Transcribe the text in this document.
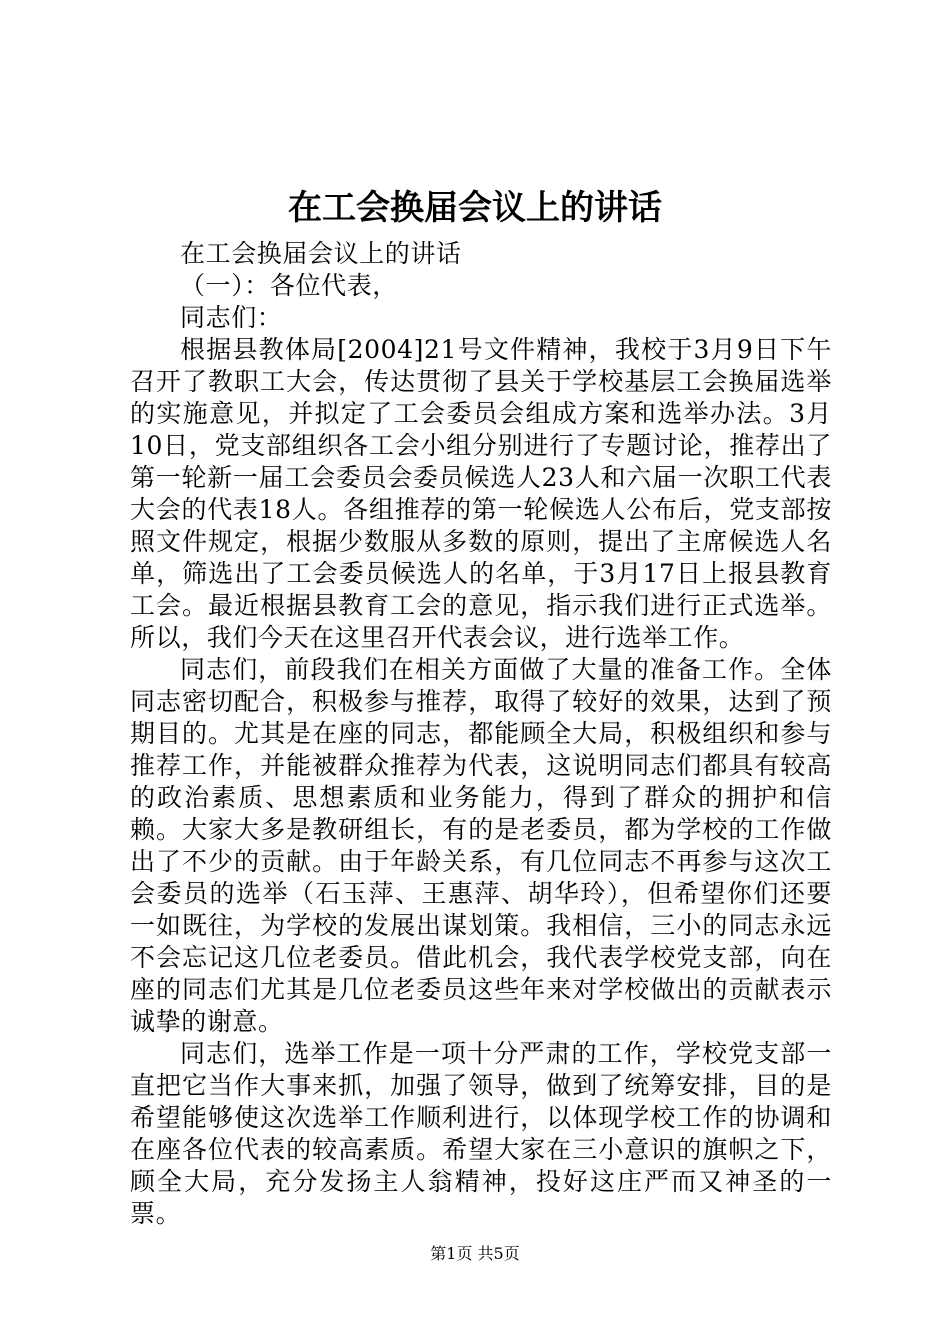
在工会换届会议上的讲话

在工会换届会议上的讲话

（一）：各位代表，

同志们：

根据县教体局[2004]21号文件精神，我校于3月9日下午召开了教职工大会，传达贯彻了县关于学校基层工会换届选举的实施意见，并拟定了工会委员会组成方案和选举办法。3月10日，党支部组织各工会小组分别进行了专题讨论，推荐出了第一轮新一届工会委员会委员候选人23人和六届一次职工代表大会的代表18人。各组推荐的第一轮候选人公布后，党支部按照文件规定，根据少数服从多数的原则，提出了主席候选人名单，筛选出了工会委员候选人的名单，于3月17日上报县教育工会。最近根据县教育工会的意见，指示我们进行正式选举。所以，我们今天在这里召开代表会议，进行选举工作。

同志们，前段我们在相关方面做了大量的准备工作。全体同志密切配合，积极参与推荐，取得了较好的效果，达到了预期目的。尤其是在座的同志，都能顾全大局，积极组织和参与推荐工作，并能被群众推荐为代表，这说明同志们都具有较高的政治素质、思想素质和业务能力，得到了群众的拥护和信赖。大家大多是教研组长，有的是老委员，都为学校的工作做出了不少的贡献。由于年龄关系，有几位同志不再参与这次工会委员的选举（石玉萍、王惠萍、胡华玲），但希望你们还要一如既往，为学校的发展出谋划策。我相信，三小的同志永远不会忘记这几位老委员。借此机会，我代表学校党支部，向在座的同志们尤其是几位老委员这些年来对学校做出的贡献表示诚挚的谢意。

同志们，选举工作是一项十分严肃的工作，学校党支部一直把它当作大事来抓，加强了领导，做到了统筹安排，目的是希望能够使这次选举工作顺利进行，以体现学校工作的协调和在座各位代表的较高素质。希望大家在三小意识的旗帜之下，顾全大局，充分发扬主人翁精神，投好这庄严而又神圣的一票。

第1页 共5页
